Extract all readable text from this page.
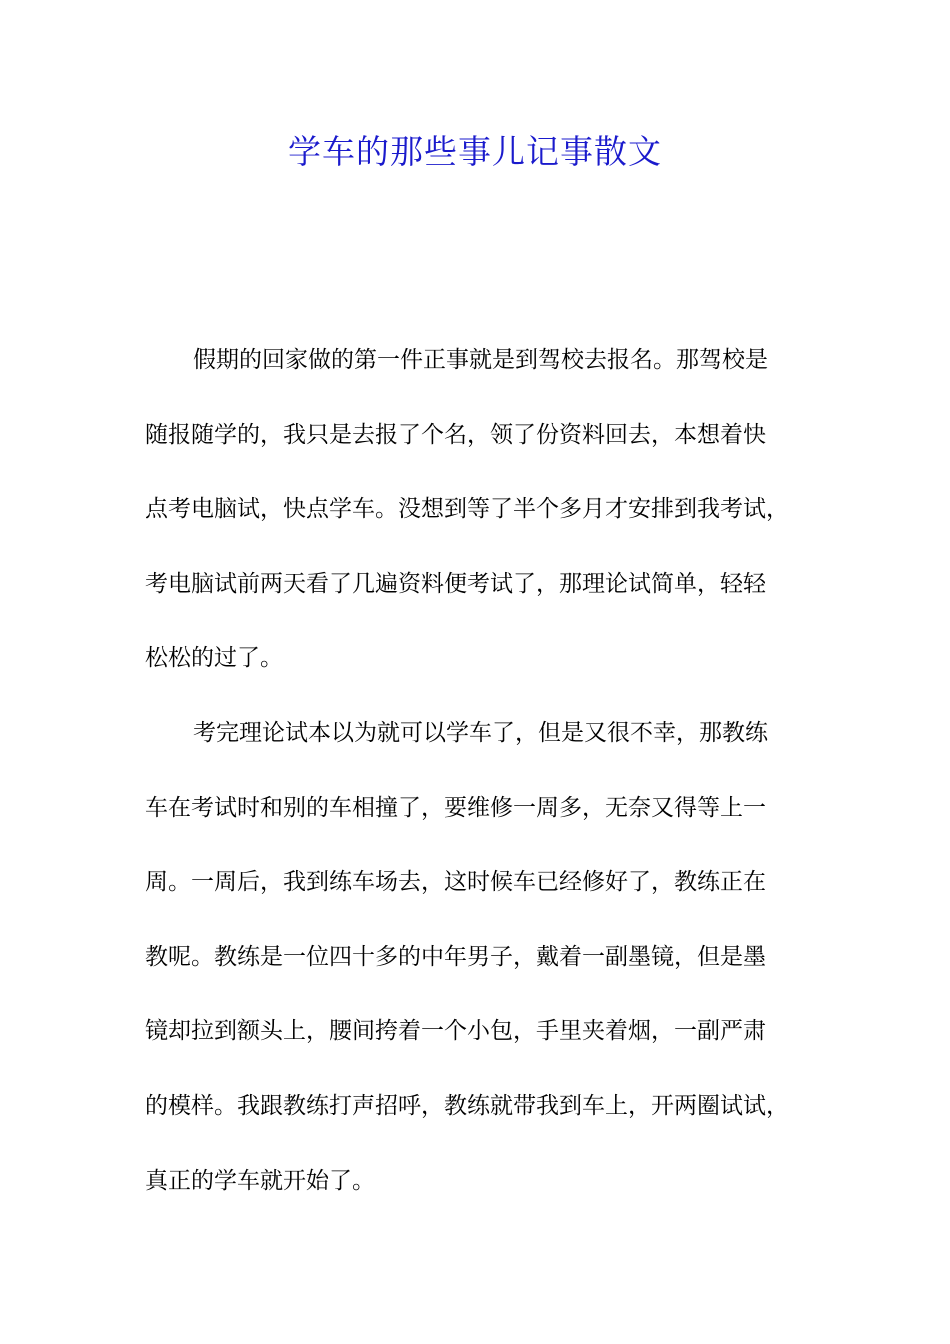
学车的那些事儿记事散文

假期的回家做的第一件正事就是到驾校去报名。那驾校是

随报随学的，我只是去报了个名，领了份资料回去，本想着快

点考电脑试，快点学车。没想到等了半个多月才安排到我考试，

考电脑试前两天看了几遍资料便考试了，那理论试简单，轻轻

松松的过了。

考完理论试本以为就可以学车了，但是又很不幸，那教练

车在考试时和别的车相撞了，要维修一周多，无奈又得等上一

周。一周后，我到练车场去，这时候车已经修好了，教练正在

教呢。教练是一位四十多的中年男子，戴着一副墨镜，但是墨

镜却拉到额头上，腰间挎着一个小包，手里夹着烟，一副严肃

的模样。我跟教练打声招呼，教练就带我到车上，开两圈试试，

真正的学车就开始了。
